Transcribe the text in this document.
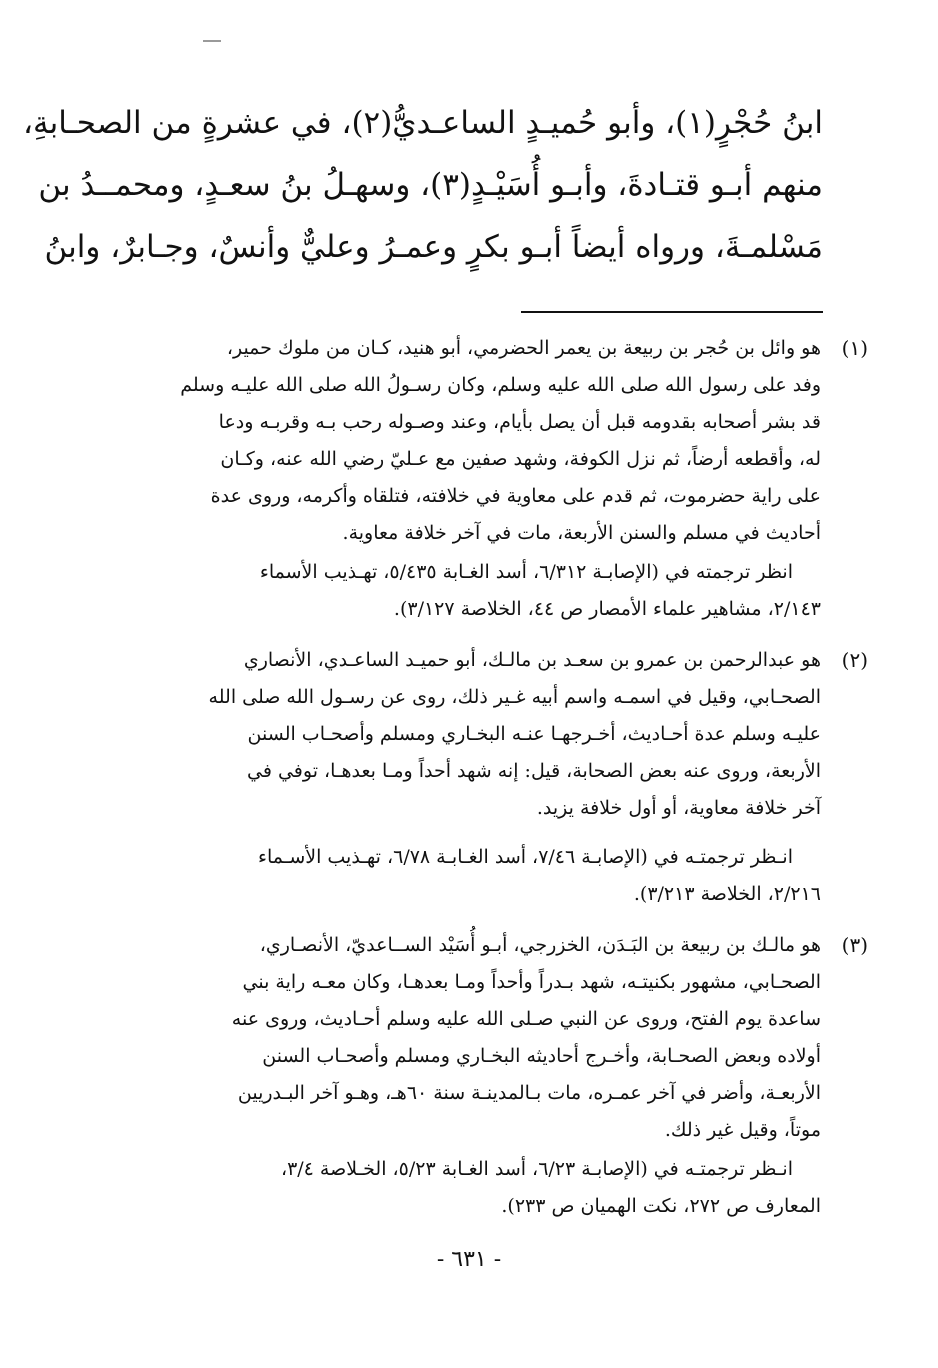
ابنُ حُجْرٍ(١)، وأبو حُميـدٍ الساعـديُّ(٢)، في عشرةٍ من الصحـابةِ،
منهم أبـو قتـادةَ، وأبـو أُسَيْـدٍ(٣)، وسهـلُ بنُ سعـدٍ، ومحمــدُ بن
مَسْلمـةَ، ورواه أيضاً أبـو بكرٍ وعمـرُ وعليٌّ وأنسٌ، وجـابرٌ، وابنُ
(١)
هو وائل بن حُجر بن ربيعة بن يعمر الحضرمي، أبو هنيد، كـان من ملوك حمير،
وفد على رسول الله صلى الله عليه وسلم، وكان رسـولُ الله صلى الله عليـه وسلم
قد بشر أصحابه بقدومه قبل أن يصل بأيام، وعند وصـوله رحب بـه وقربـه ودعا
له، وأقطعه أرضاً، ثم نزل الكوفة، وشهد صفين مع عـليّ رضي الله عنه، وكـان
على راية حضرموت، ثم قدم على معاوية في خلافته، فتلقاه وأكرمه، وروى عدة
أحاديث في مسلم والسنن الأربعة، مات في آخر خلافة معاوية.
انظر ترجمته في (الإصابـة ٦/٣١٢، أسد الغـابة ٥/٤٣٥، تهـذيب الأسماء
٢/١٤٣، مشاهير علماء الأمصار ص ٤٤، الخلاصة ٣/١٢٧).
(٢)
هو عبدالرحمن بن عمرو بن سعـد بن مالـك، أبو حميـد الساعـدي، الأنصاري
الصحـابي، وقيل في اسمـه واسم أبيه غـير ذلك، روى عن رسـول الله صلى الله
عليـه وسلم عدة أحـاديث، أخـرجهـا عنـه البخـاري ومسلم وأصحـاب السنن
الأربعة، وروى عنه بعض الصحابة، قيل: إنه شهد أحداً ومـا بعدهـا، توفي في
آخر خلافة معاوية، أو أول خلافة يزيد.
انـظر ترجمتـه في (الإصابـة ٧/٤٦، أسد الغـابـة ٦/٧٨، تهـذيب الأسـماء
٢/٢١٦، الخلاصة ٣/٢١٣).
(٣)
هو مالـك بن ربيعة بن البَـدَن، الخزرجي، أبـو أُسَيْد الســاعديّ، الأنصـاري،
الصحـابي، مشهور بكنيتـه، شهد بـدراً وأحداً ومـا بعدهـا، وكان معـه راية بني
ساعدة يوم الفتح، وروى عن النبي صـلى الله عليه وسلم أحـاديث، وروى عنه
أولاده وبعض الصحـابة، وأخـرج أحاديثه البخـاري ومسلم وأصحـاب السنن
الأربعـة، وأضر في آخر عمـره، مات بـالمدينـة سنة ٦٠هـ، وهـو آخر البـدريين
موتاً، وقيل غير ذلك.
انـظر ترجمتـه في (الإصابـة ٦/٢٣، أسد الغـابة ٥/٢٣، الخـلاصة ٣/٤،
المعارف ص ٢٧٢، نكت الهميان ص ٢٣٣).
- ٦٣١ -
